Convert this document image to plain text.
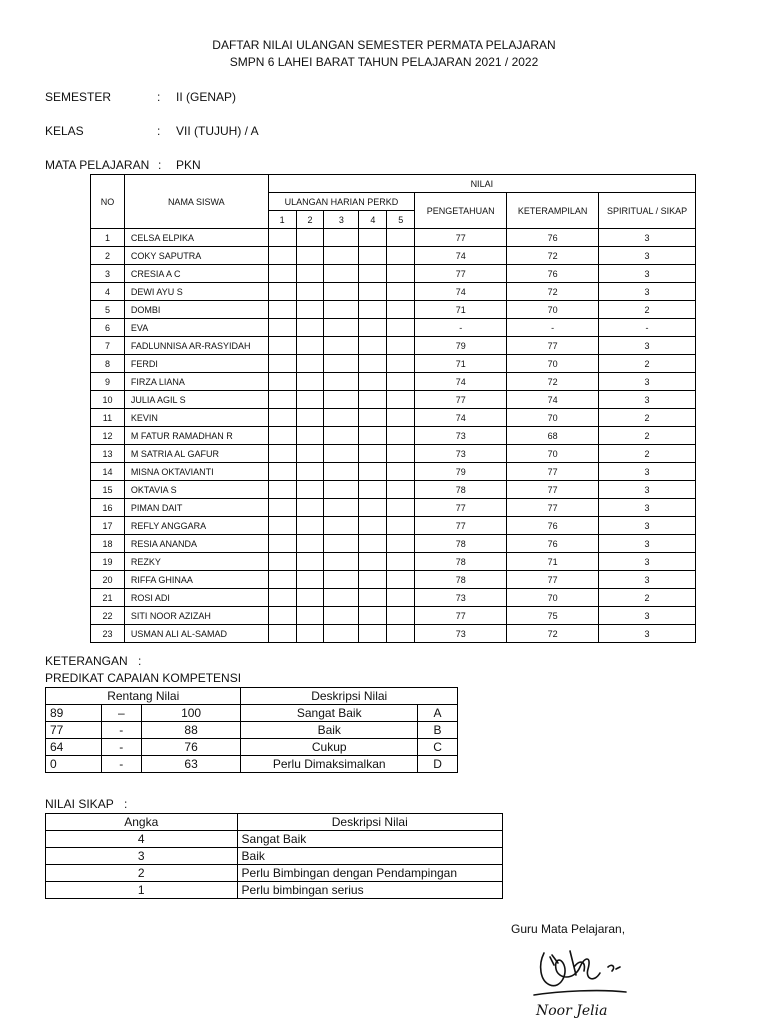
DAFTAR NILAI ULANGAN SEMESTER PERMATA PELAJARAN
SMPN 6 LAHEI BARAT TAHUN PELAJARAN 2021 / 2022
SEMESTER	: II (GENAP)
KELAS	: VII (TUJUH) / A
MATA PELAJARAN : PKN
NO	NAMA SISWA	NILAI							
		ULANGAN HARIAN PERKD					PENGETAHUAN	KETERAMPILAN	SPIRITUAL / SIKAP
		1	2	3	4	5			
1	CELSA ELPIKA						77	76	3
2	COKY SAPUTRA						74	72	3
3	CRESIA A C						77	76	3
4	DEWI AYU S						74	72	3
5	DOMBI						71	70	2
6	EVA						-	-	-
7	FADLUNNISA AR-RASYIDAH						79	77	3
8	FERDI						71	70	2
9	FIRZA LIANA						74	72	3
10	JULIA AGIL S						77	74	3
11	KEVIN						74	70	2
12	M FATUR RAMADHAN R						73	68	2
13	M SATRIA AL GAFUR						73	70	2
14	MISNA OKTAVIANTI						79	77	3
15	OKTAVIA S						78	77	3
16	PIMAN DAIT						77	77	3
17	REFLY ANGGARA						77	76	3
18	RESIA ANANDA						78	76	3
19	REZKY						78	71	3
20	RIFFA GHINAA						78	77	3
21	ROSI ADI						73	70	2
22	SITI NOOR AZIZAH						77	75	3
23	USMAN ALI AL-SAMAD						73	72	3
KETERANGAN :
PREDIKAT CAPAIAN KOMPETENSI
Rentang Nilai			Deskripsi Nilai	
89	–	100	Sangat Baik	A
77	-	88	Baik	B
64	-	76	Cukup	C
0	-	63	Perlu Dimaksimalkan	D
NILAI SIKAP :
Angka	Deskripsi Nilai
4	Sangat Baik
3	Baik
2	Perlu Bimbingan dengan Pendampingan
1	Perlu bimbingan serius
Guru Mata Pelajaran,
Noor Jelia
